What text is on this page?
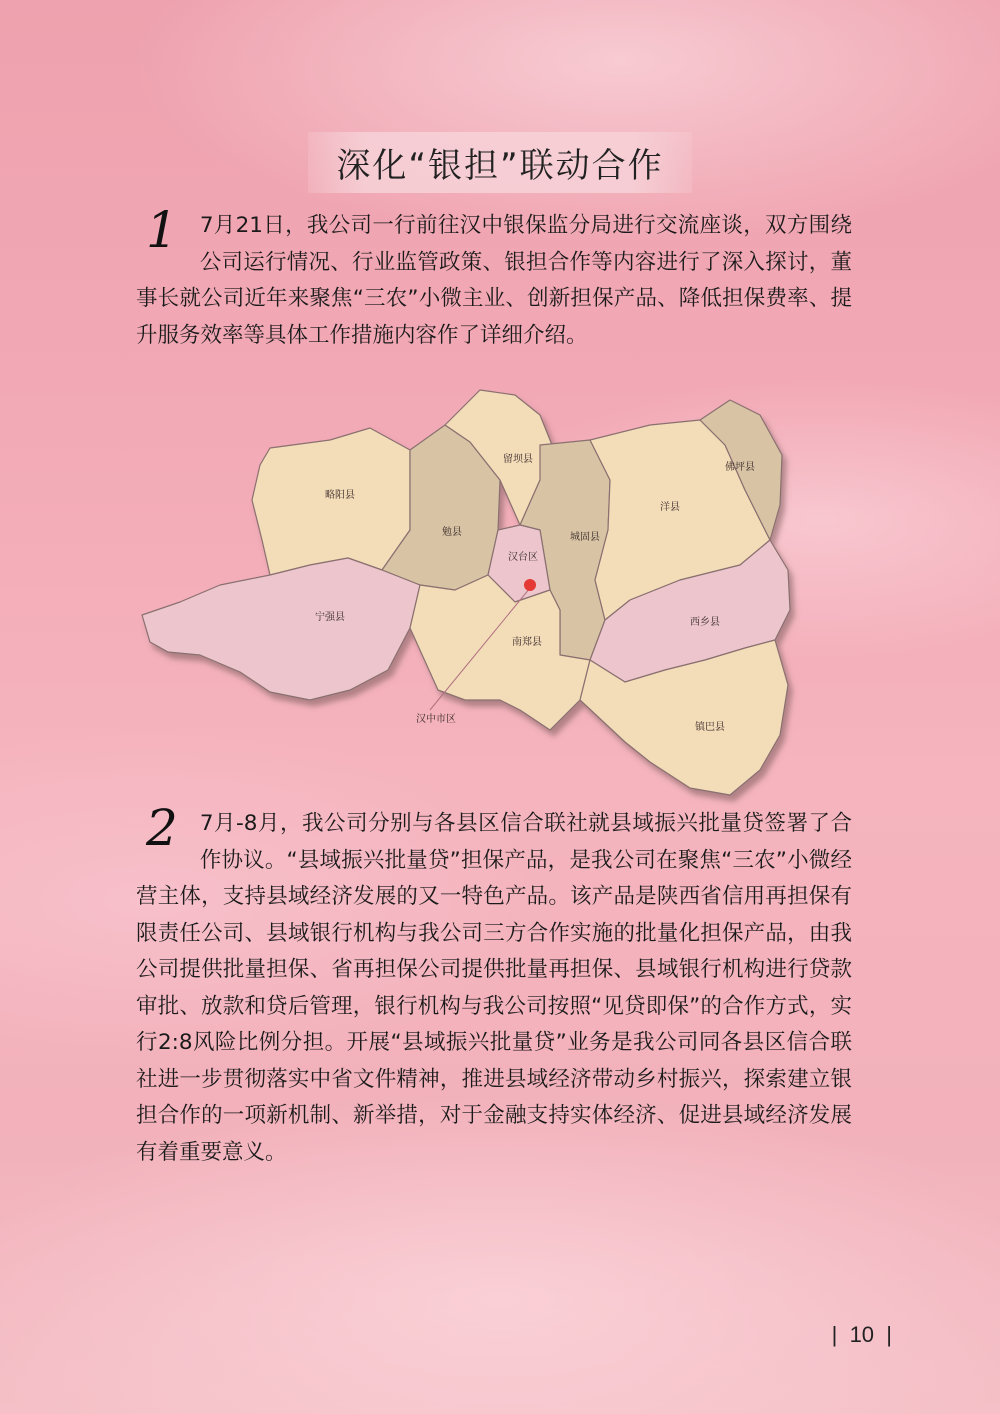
深化“银担”联动合作

1 7月21日，我公司一行前往汉中银保监分局进行交流座谈，双方围绕公司运行情况、行业监管政策、银担合作等内容进行了深入探讨，董事长就公司近年来聚焦“三农”小微主业、创新担保产品、降低担保费率、提升服务效率等具体工作措施内容作了详细介绍。

汉中市区
略阳县
勉县
留坝县
城固县
洋县
佛坪县
汉台区
宁强县
南郑县
西乡县
镇巴县

2 7月-8月，我公司分别与各县区信合联社就县域振兴批量贷签署了合作协议。“县域振兴批量贷”担保产品，是我公司在聚焦“三农”小微经营主体，支持县域经济发展的又一特色产品。该产品是陕西省信用再担保有限责任公司、县域银行机构与我公司三方合作实施的批量化担保产品，由我公司提供批量担保、省再担保公司提供批量再担保、县域银行机构进行贷款审批、放款和贷后管理，银行机构与我公司按照“见贷即保”的合作方式，实行2:8风险比例分担。开展“县域振兴批量贷”业务是我公司同各县区信合联社进一步贯彻落实中省文件精神，推进县域经济带动乡村振兴，探索建立银担合作的一项新机制、新举措，对于金融支持实体经济、促进县域经济发展有着重要意义。

|  10  |
